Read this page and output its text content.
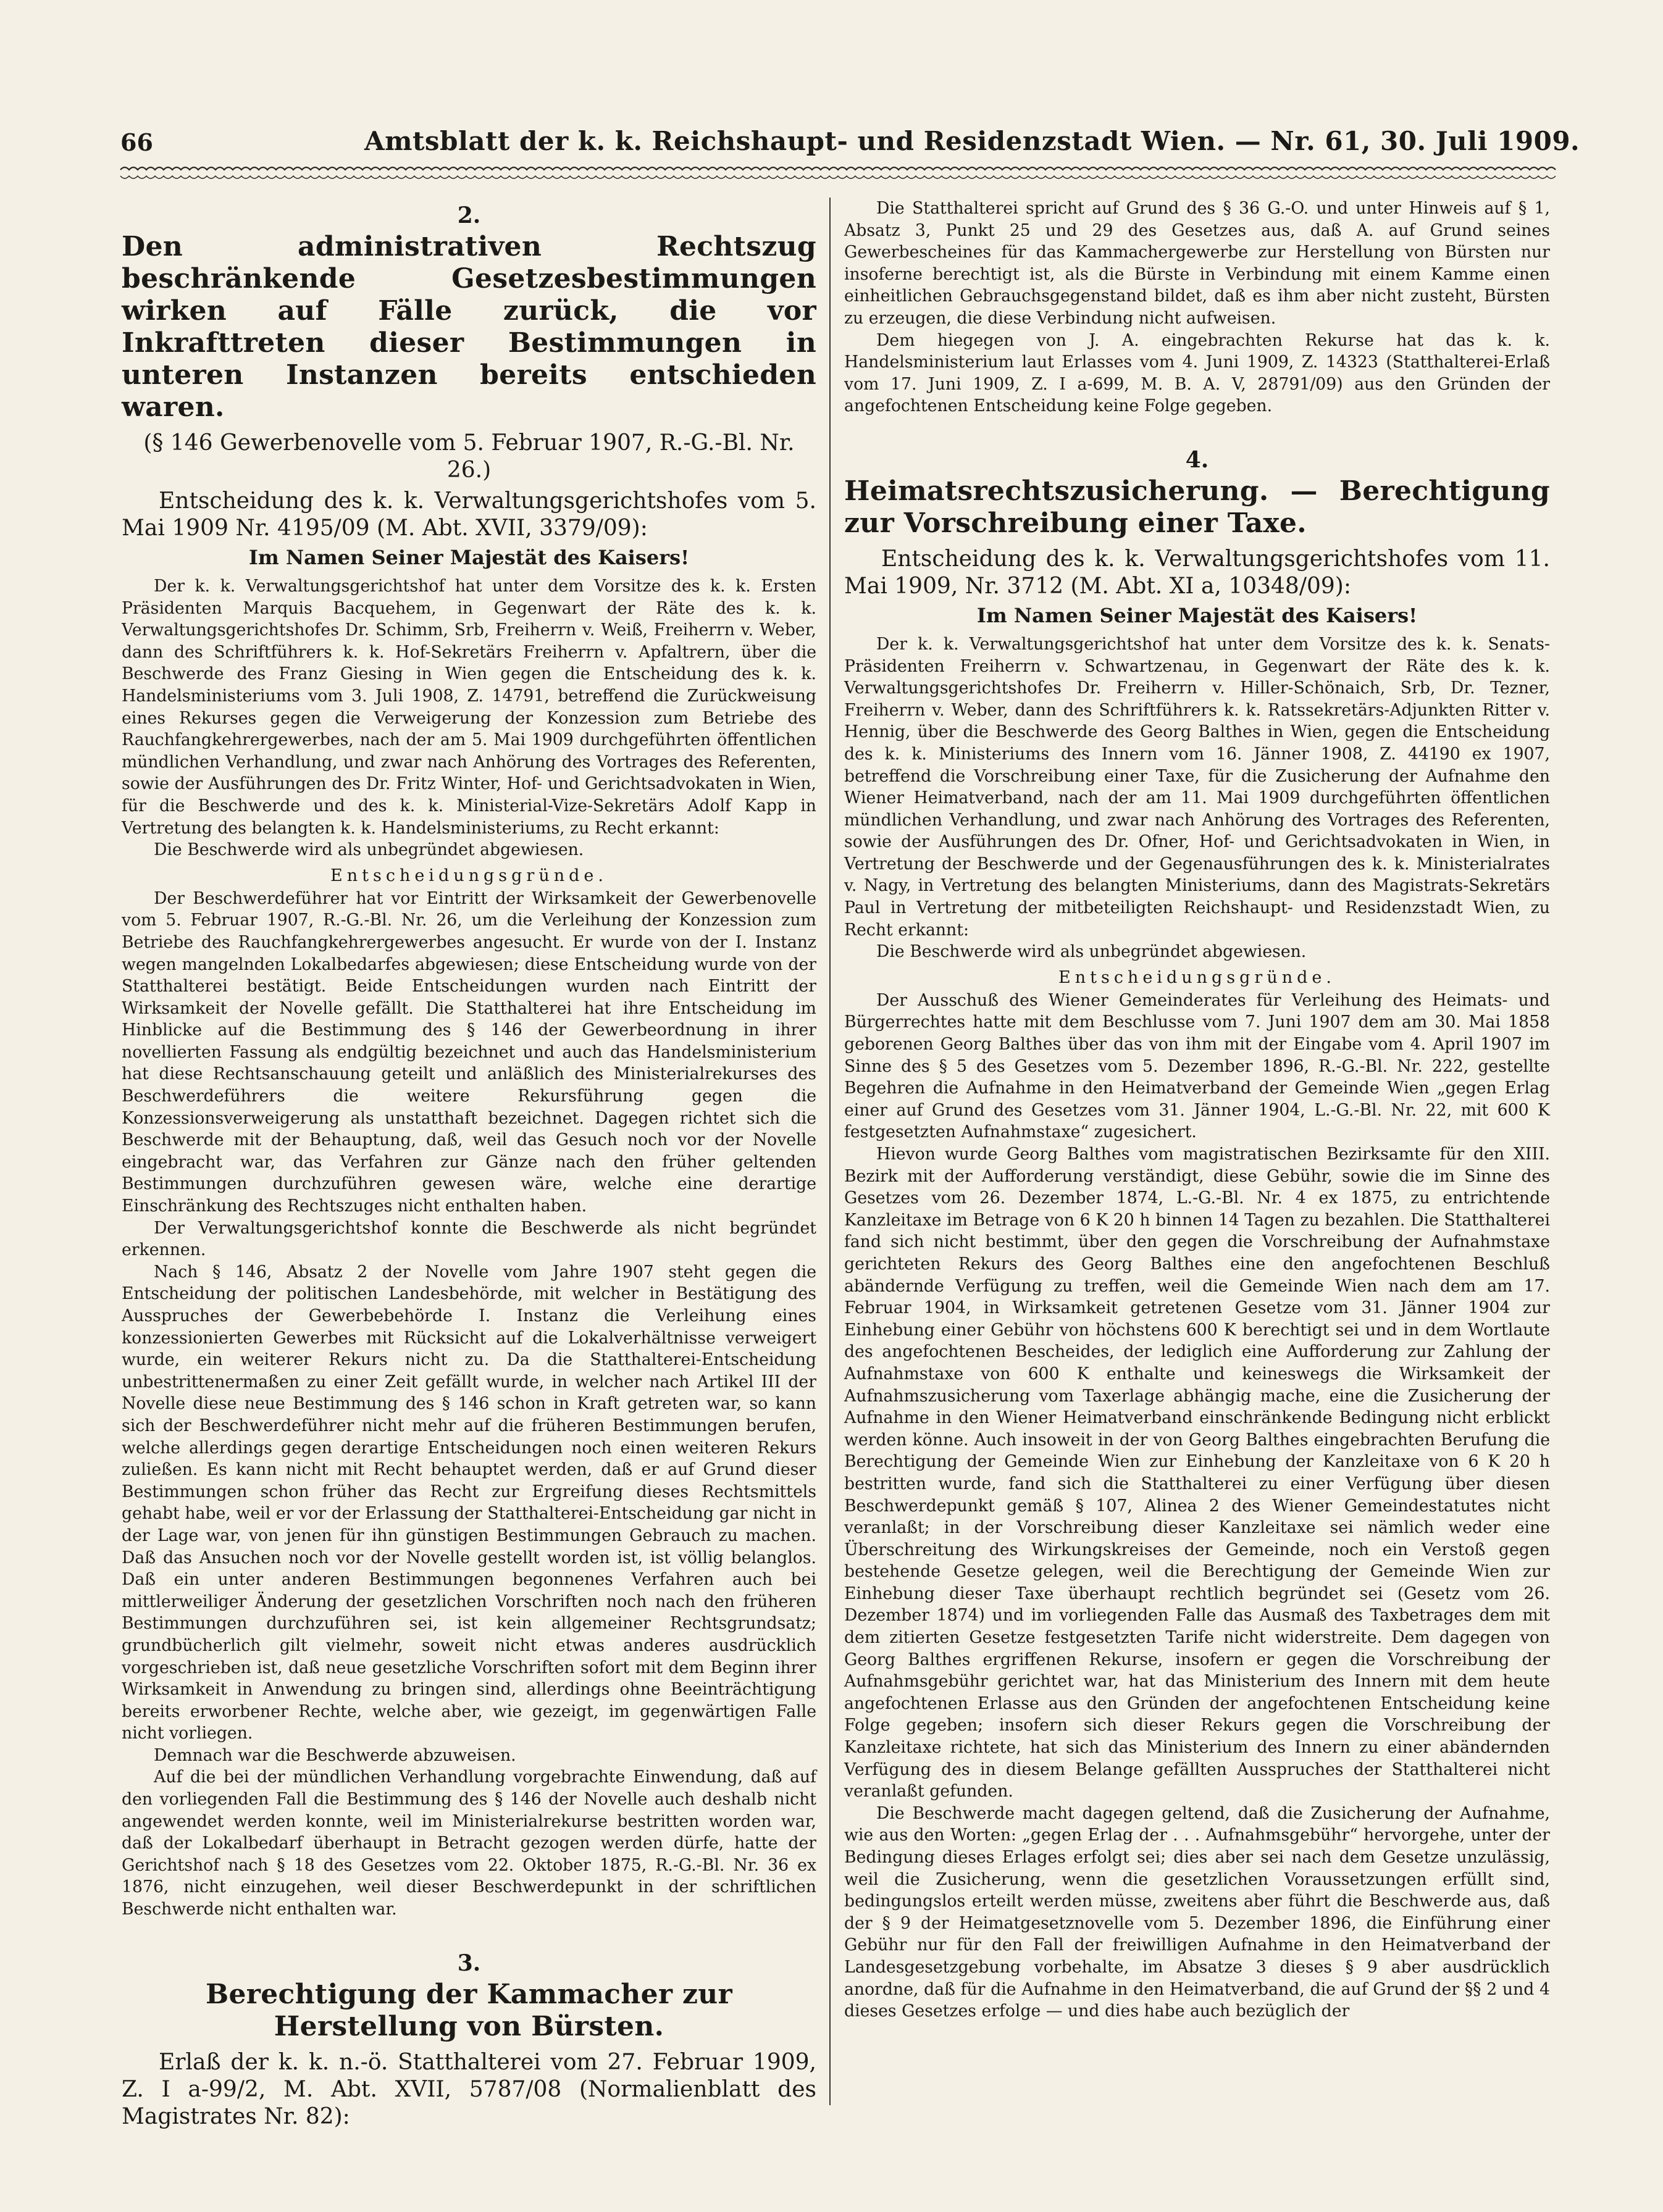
66	Amtsblatt der k. k. Reichshaupt- und Residenzstadt Wien. — Nr. 61, 30. Juli 1909.
2.
Den administrativen Rechtszug beschränkende Gesetzesbestimmungen wirken auf Fälle zurück, die vor Inkrafttreten dieser Bestimmungen in unteren Instanzen bereits entschieden waren.
(§ 146 Gewerbenovelle vom 5. Februar 1907, R.-G.-Bl. Nr. 26.)
Entscheidung des k. k. Verwaltungsgerichtshofes vom 5. Mai 1909 Nr. 4195/09 (M. Abt. XVII, 3379/09):
Im Namen Seiner Majestät des Kaisers!

Der k. k. Verwaltungsgerichtshof hat unter dem Vorsitze des k. k. Ersten Präsidenten Marquis Bacquehem, in Gegenwart der Räte des k. k. Verwaltungsgerichtshofes Dr. Schimm, Srb, Freiherrn v. Weiß, Freiherrn v. Weber, dann des Schriftführers k. k. Hof-Sekretärs Freiherrn v. Apfaltrern, über die Beschwerde des Franz Giesing in Wien gegen die Entscheidung des k. k. Handelsministeriums vom 3. Juli 1908, Z. 14791, betreffend die Zurückweisung eines Rekurses gegen die Verweigerung der Konzession zum Betriebe des Rauchfangkehrergewerbes, nach der am 5. Mai 1909 durchgeführten öffentlichen mündlichen Verhandlung, und zwar nach Anhörung des Vortrages des Referenten, sowie der Ausführungen des Dr. Fritz Winter, Hof- und Gerichtsadvokaten in Wien, für die Beschwerde und des k. k. Ministerial-Vize-Sekretärs Adolf Kapp in Vertretung des belangten k. k. Handelsministeriums, zu Recht erkannt:

Die Beschwerde wird als unbegründet abgewiesen.

Entscheidungsgründe.

Der Beschwerdeführer hat vor Eintritt der Wirksamkeit der Gewerbenovelle vom 5. Februar 1907, R.-G.-Bl. Nr. 26, um die Verleihung der Konzession zum Betriebe des Rauchfangkehrergewerbes angesucht. Er wurde von der I. Instanz wegen mangelnden Lokalbedarfes abgewiesen; diese Entscheidung wurde von der Statthalterei bestätigt. Beide Entscheidungen wurden nach Eintritt der Wirksamkeit der Novelle gefällt. Die Statthalterei hat ihre Entscheidung im Hinblicke auf die Bestimmung des § 146 der Gewerbeordnung in ihrer novellierten Fassung als endgültig bezeichnet und auch das Handelsministerium hat diese Rechtsanschauung geteilt und anläßlich des Ministerialrekurses des Beschwerdeführers die weitere Rekursführung gegen die Konzessionsverweigerung als unstatthaft bezeichnet. Dagegen richtet sich die Beschwerde mit der Behauptung, daß, weil das Gesuch noch vor der Novelle eingebracht war, das Verfahren zur Gänze nach den früher geltenden Bestimmungen durchzuführen gewesen wäre, welche eine derartige Einschränkung des Rechtszuges nicht enthalten haben.

Der Verwaltungsgerichtshof konnte die Beschwerde als nicht begründet erkennen.

Nach § 146, Absatz 2 der Novelle vom Jahre 1907 steht gegen die Entscheidung der politischen Landesbehörde, mit welcher in Bestätigung des Ausspruches der Gewerbebehörde I. Instanz die Verleihung eines konzessionierten Gewerbes mit Rücksicht auf die Lokalverhältnisse verweigert wurde, ein weiterer Rekurs nicht zu. Da die Statthalterei-Entscheidung unbestrittenermaßen zu einer Zeit gefällt wurde, in welcher nach Artikel III der Novelle diese neue Bestimmung des § 146 schon in Kraft getreten war, so kann sich der Beschwerdeführer nicht mehr auf die früheren Bestimmungen berufen, welche allerdings gegen derartige Entscheidungen noch einen weiteren Rekurs zuließen. Es kann nicht mit Recht behauptet werden, daß er auf Grund dieser Bestimmungen schon früher das Recht zur Ergreifung dieses Rechtsmittels gehabt habe, weil er vor der Erlassung der Statthalterei-Entscheidung gar nicht in der Lage war, von jenen für ihn günstigen Bestimmungen Gebrauch zu machen. Daß das Ansuchen noch vor der Novelle gestellt worden ist, ist völlig belanglos. Daß ein unter anderen Bestimmungen begonnenes Verfahren auch bei mittlerweiliger Änderung der gesetzlichen Vorschriften noch nach den früheren Bestimmungen durchzuführen sei, ist kein allgemeiner Rechtsgrundsatz; grundbücherlich gilt vielmehr, soweit nicht etwas anderes ausdrücklich vorgeschrieben ist, daß neue gesetzliche Vorschriften sofort mit dem Beginn ihrer Wirksamkeit in Anwendung zu bringen sind, allerdings ohne Beeinträchtigung bereits erworbener Rechte, welche aber, wie gezeigt, im gegenwärtigen Falle nicht vorliegen.

Demnach war die Beschwerde abzuweisen.

Auf die bei der mündlichen Verhandlung vorgebrachte Einwendung, daß auf den vorliegenden Fall die Bestimmung des § 146 der Novelle auch deshalb nicht angewendet werden konnte, weil im Ministerialrekurse bestritten worden war, daß der Lokalbedarf überhaupt in Betracht gezogen werden dürfe, hatte der Gerichtshof nach § 18 des Gesetzes vom 22. Oktober 1875, R.-G.-Bl. Nr. 36 ex 1876, nicht einzugehen, weil dieser Beschwerdepunkt in der schriftlichen Beschwerde nicht enthalten war.

3.
Berechtigung der Kammacher zur Herstellung von Bürsten.
Erlaß der k. k. n.-ö. Statthalterei vom 27. Februar 1909, Z. I a-99/2, M. Abt. XVII, 5787/08 (Normalienblatt des Magistrates Nr. 82):

Die Statthalterei spricht auf Grund des § 36 G.-O. und unter Hinweis auf § 1, Absatz 3, Punkt 25 und 29 des Gesetzes aus, daß A. auf Grund seines Gewerbescheines für das Kammachergewerbe zur Herstellung von Bürsten nur insoferne berechtigt ist, als die Bürste in Verbindung mit einem Kamme einen einheitlichen Gebrauchsgegenstand bildet, daß es ihm aber nicht zusteht, Bürsten zu erzeugen, die diese Verbindung nicht aufweisen.

Dem hiegegen von J. A. eingebrachten Rekurse hat das k. k. Handelsministerium laut Erlasses vom 4. Juni 1909, Z. 14323 (Statthalterei-Erlaß vom 17. Juni 1909, Z. I a-699, M. B. A. V, 28791/09) aus den Gründen der angefochtenen Entscheidung keine Folge gegeben.

4.
Heimatsrechtszusicherung. — Berechtigung zur Vorschreibung einer Taxe.
Entscheidung des k. k. Verwaltungsgerichtshofes vom 11. Mai 1909, Nr. 3712 (M. Abt. XI a, 10348/09):
Im Namen Seiner Majestät des Kaisers!

Der k. k. Verwaltungsgerichtshof hat unter dem Vorsitze des k. k. Senats-Präsidenten Freiherrn v. Schwartzenau, in Gegenwart der Räte des k. k. Verwaltungsgerichtshofes Dr. Freiherrn v. Hiller-Schönaich, Srb, Dr. Tezner, Freiherrn v. Weber, dann des Schriftführers k. k. Ratssekretärs-Adjunkten Ritter v. Hennig, über die Beschwerde des Georg Balthes in Wien, gegen die Entscheidung des k. k. Ministeriums des Innern vom 16. Jänner 1908, Z. 44190 ex 1907, betreffend die Vorschreibung einer Taxe, für die Zusicherung der Aufnahme den Wiener Heimatverband, nach der am 11. Mai 1909 durchgeführten öffentlichen mündlichen Verhandlung, und zwar nach Anhörung des Vortrages des Referenten, sowie der Ausführungen des Dr. Ofner, Hof- und Gerichtsadvokaten in Wien, in Vertretung der Beschwerde und der Gegenausführungen des k. k. Ministerialrates v. Nagy, in Vertretung des belangten Ministeriums, dann des Magistrats-Sekretärs Paul in Vertretung der mitbeteiligten Reichshaupt- und Residenzstadt Wien, zu Recht erkannt:

Die Beschwerde wird als unbegründet abgewiesen.

Entscheidungsgründe.

Der Ausschuß des Wiener Gemeinderates für Verleihung des Heimats- und Bürgerrechtes hatte mit dem Beschlusse vom 7. Juni 1907 dem am 30. Mai 1858 geborenen Georg Balthes über das von ihm mit der Eingabe vom 4. April 1907 im Sinne des § 5 des Gesetzes vom 5. Dezember 1896, R.-G.-Bl. Nr. 222, gestellte Begehren die Aufnahme in den Heimatverband der Gemeinde Wien „gegen Erlag einer auf Grund des Gesetzes vom 31. Jänner 1904, L.-G.-Bl. Nr. 22, mit 600 K festgesetzten Aufnahmstaxe“ zugesichert.

Hievon wurde Georg Balthes vom magistratischen Bezirksamte für den XIII. Bezirk mit der Aufforderung verständigt, diese Gebühr, sowie die im Sinne des Gesetzes vom 26. Dezember 1874, L.-G.-Bl. Nr. 4 ex 1875, zu entrichtende Kanzleitaxe im Betrage von 6 K 20 h binnen 14 Tagen zu bezahlen. Die Statthalterei fand sich nicht bestimmt, über den gegen die Vorschreibung der Aufnahmstaxe gerichteten Rekurs des Georg Balthes eine den angefochtenen Beschluß abändernde Verfügung zu treffen, weil die Gemeinde Wien nach dem am 17. Februar 1904, in Wirksamkeit getretenen Gesetze vom 31. Jänner 1904 zur Einhebung einer Gebühr von höchstens 600 K berechtigt sei und in dem Wortlaute des angefochtenen Bescheides, der lediglich eine Aufforderung zur Zahlung der Aufnahmstaxe von 600 K enthalte und keineswegs die Wirksamkeit der Aufnahmszusicherung vom Taxerlage abhängig mache, eine die Zusicherung der Aufnahme in den Wiener Heimatverband einschränkende Bedingung nicht erblickt werden könne. Auch insoweit in der von Georg Balthes eingebrachten Berufung die Berechtigung der Gemeinde Wien zur Einhebung der Kanzleitaxe von 6 K 20 h bestritten wurde, fand sich die Statthalterei zu einer Verfügung über diesen Beschwerdepunkt gemäß § 107, Alinea 2 des Wiener Gemeindestatutes nicht veranlaßt; in der Vorschreibung dieser Kanzleitaxe sei nämlich weder eine Überschreitung des Wirkungskreises der Gemeinde, noch ein Verstoß gegen bestehende Gesetze gelegen, weil die Berechtigung der Gemeinde Wien zur Einhebung dieser Taxe überhaupt rechtlich begründet sei (Gesetz vom 26. Dezember 1874) und im vorliegenden Falle das Ausmaß des Taxbetrages dem mit dem zitierten Gesetze festgesetzten Tarife nicht widerstreite. Dem dagegen von Georg Balthes ergriffenen Rekurse, insofern er gegen die Vorschreibung der Aufnahmsgebühr gerichtet war, hat das Ministerium des Innern mit dem heute angefochtenen Erlasse aus den Gründen der angefochtenen Entscheidung keine Folge gegeben; insofern sich dieser Rekurs gegen die Vorschreibung der Kanzleitaxe richtete, hat sich das Ministerium des Innern zu einer abändernden Verfügung des in diesem Belange gefällten Ausspruches der Statthalterei nicht veranlaßt gefunden.

Die Beschwerde macht dagegen geltend, daß die Zusicherung der Aufnahme, wie aus den Worten: „gegen Erlag der . . . Aufnahmsgebühr“ hervorgehe, unter der Bedingung dieses Erlages erfolgt sei; dies aber sei nach dem Gesetze unzulässig, weil die Zusicherung, wenn die gesetzlichen Voraussetzungen erfüllt sind, bedingungslos erteilt werden müsse, zweitens aber führt die Beschwerde aus, daß der § 9 der Heimatgesetznovelle vom 5. Dezember 1896, die Einführung einer Gebühr nur für den Fall der freiwilligen Aufnahme in den Heimatverband der Landesgesetzgebung vorbehalte, im Absatze 3 dieses § 9 aber ausdrücklich anordne, daß für die Aufnahme in den Heimatverband, die auf Grund der §§ 2 und 4 dieses Gesetzes erfolge — und dies habe auch bezüglich der
